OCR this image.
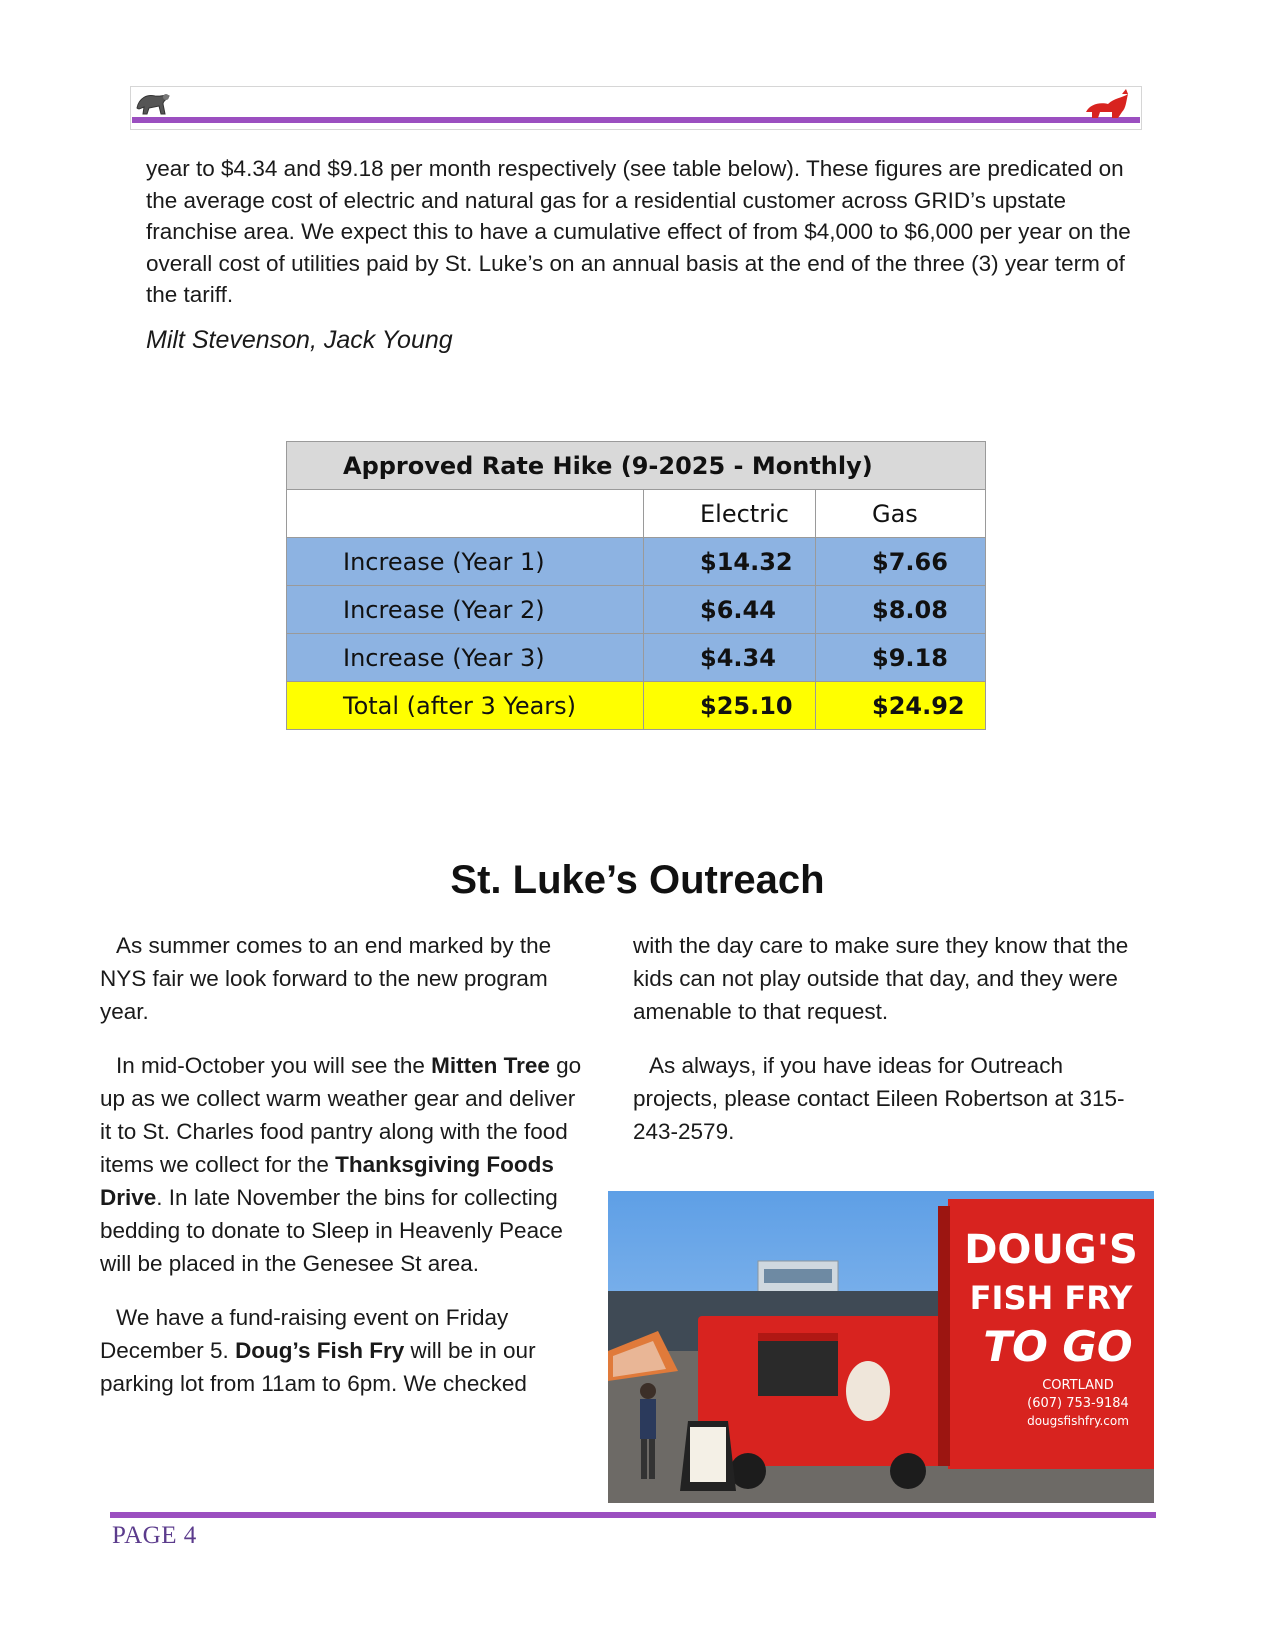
year to $4.34 and $9.18 per month respectively (see table below). These figures are predicated on the average cost of electric and natural gas for a residential customer across GRID’s upstate franchise area. We expect this to have a cumulative effect of from $4,000 to $6,000 per year on the overall cost of utilities paid by St. Luke’s on an annual basis at the end of the three (3) year term of the tariff.

Milt Stevenson, Jack Young
Approved Rate Hike (9-2025 - Monthly)		
	Electric	Gas
Increase (Year 1)	$14.32	$7.66
Increase (Year 2)	$6.44	$8.08
Increase (Year 3)	$4.34	$9.18
Total (after 3 Years)	$25.10	$24.92
St. Luke’s Outreach

As summer comes to an end marked by the NYS fair we look forward to the new program year.

In mid-October you will see the Mitten Tree go up as we collect warm weather gear and deliver it to St. Charles food pantry along with the food items we collect for the Thanksgiving Foods Drive. In late November the bins for collecting bedding to donate to Sleep in Heavenly Peace will be placed in the Genesee St area.

We have a fund-raising event on Friday December 5. Doug’s Fish Fry will be in our parking lot from 11am to 6pm. We checked

with the day care to make sure they know that the kids can not play outside that day, and they were amenable to that request.

As always, if you have ideas for Outreach projects, please contact Eileen Robertson at 315-243-2579.

DOUG'S
FISH FRY
TO GO
CORTLAND
(607) 753-9184
dougsfishfry.com
PAGE 4
